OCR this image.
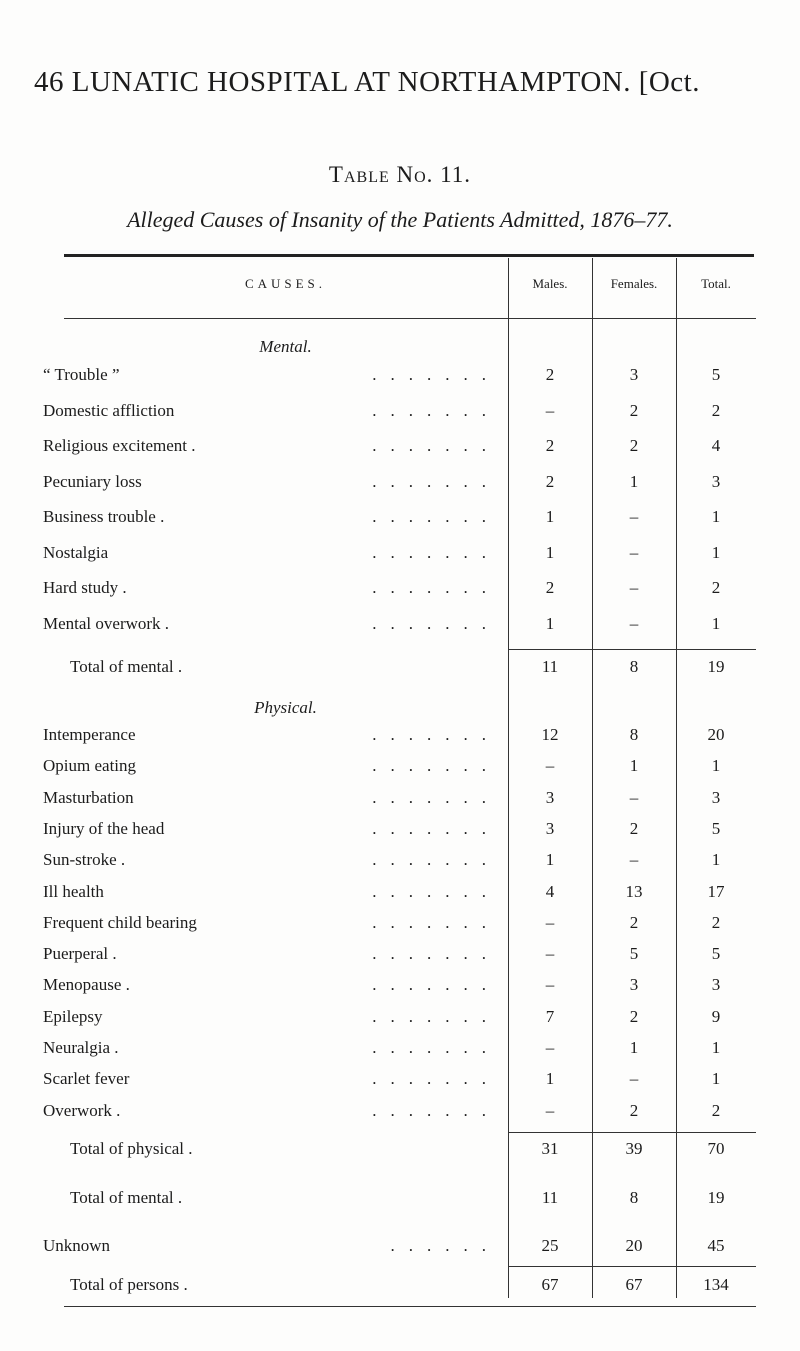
46 LUNATIC HOSPITAL AT NORTHAMPTON. [Oct.
Table No. 11.
Alleged Causes of Insanity of the Patients Admitted, 1876–77.
CAUSES.	Males.	Females.	Total.
Mental.
“ Trouble ”	.......	2	3	5
Domestic affliction	.......	–	2	2
Religious excitement .	.......	2	2	4
Pecuniary loss	.......	2	1	3
Business trouble .	.......	1	–	1
Nostalgia	.......	1	–	1
Hard study .	.......	2	–	2
Mental overwork .	.......	1	–	1
Total of mental .	11	8	19
Physical.
Intemperance	.......	12	8	20
Opium eating	.......	–	1	1
Masturbation	.......	3	–	3
Injury of the head	.......	3	2	5
Sun-stroke .	.......	1	–	1
Ill health	.......	4	13	17
Frequent child bearing	.......	–	2	2
Puerperal .	.......	–	5	5
Menopause .	.......	–	3	3
Epilepsy	.......	7	2	9
Neuralgia .	.......	–	1	1
Scarlet fever	.......	1	–	1
Overwork .	.......	–	2	2
Total of physical .	31	39	70
Total of mental .	11	8	19
Unknown	......	25	20	45
Total of persons .	67	67	134
